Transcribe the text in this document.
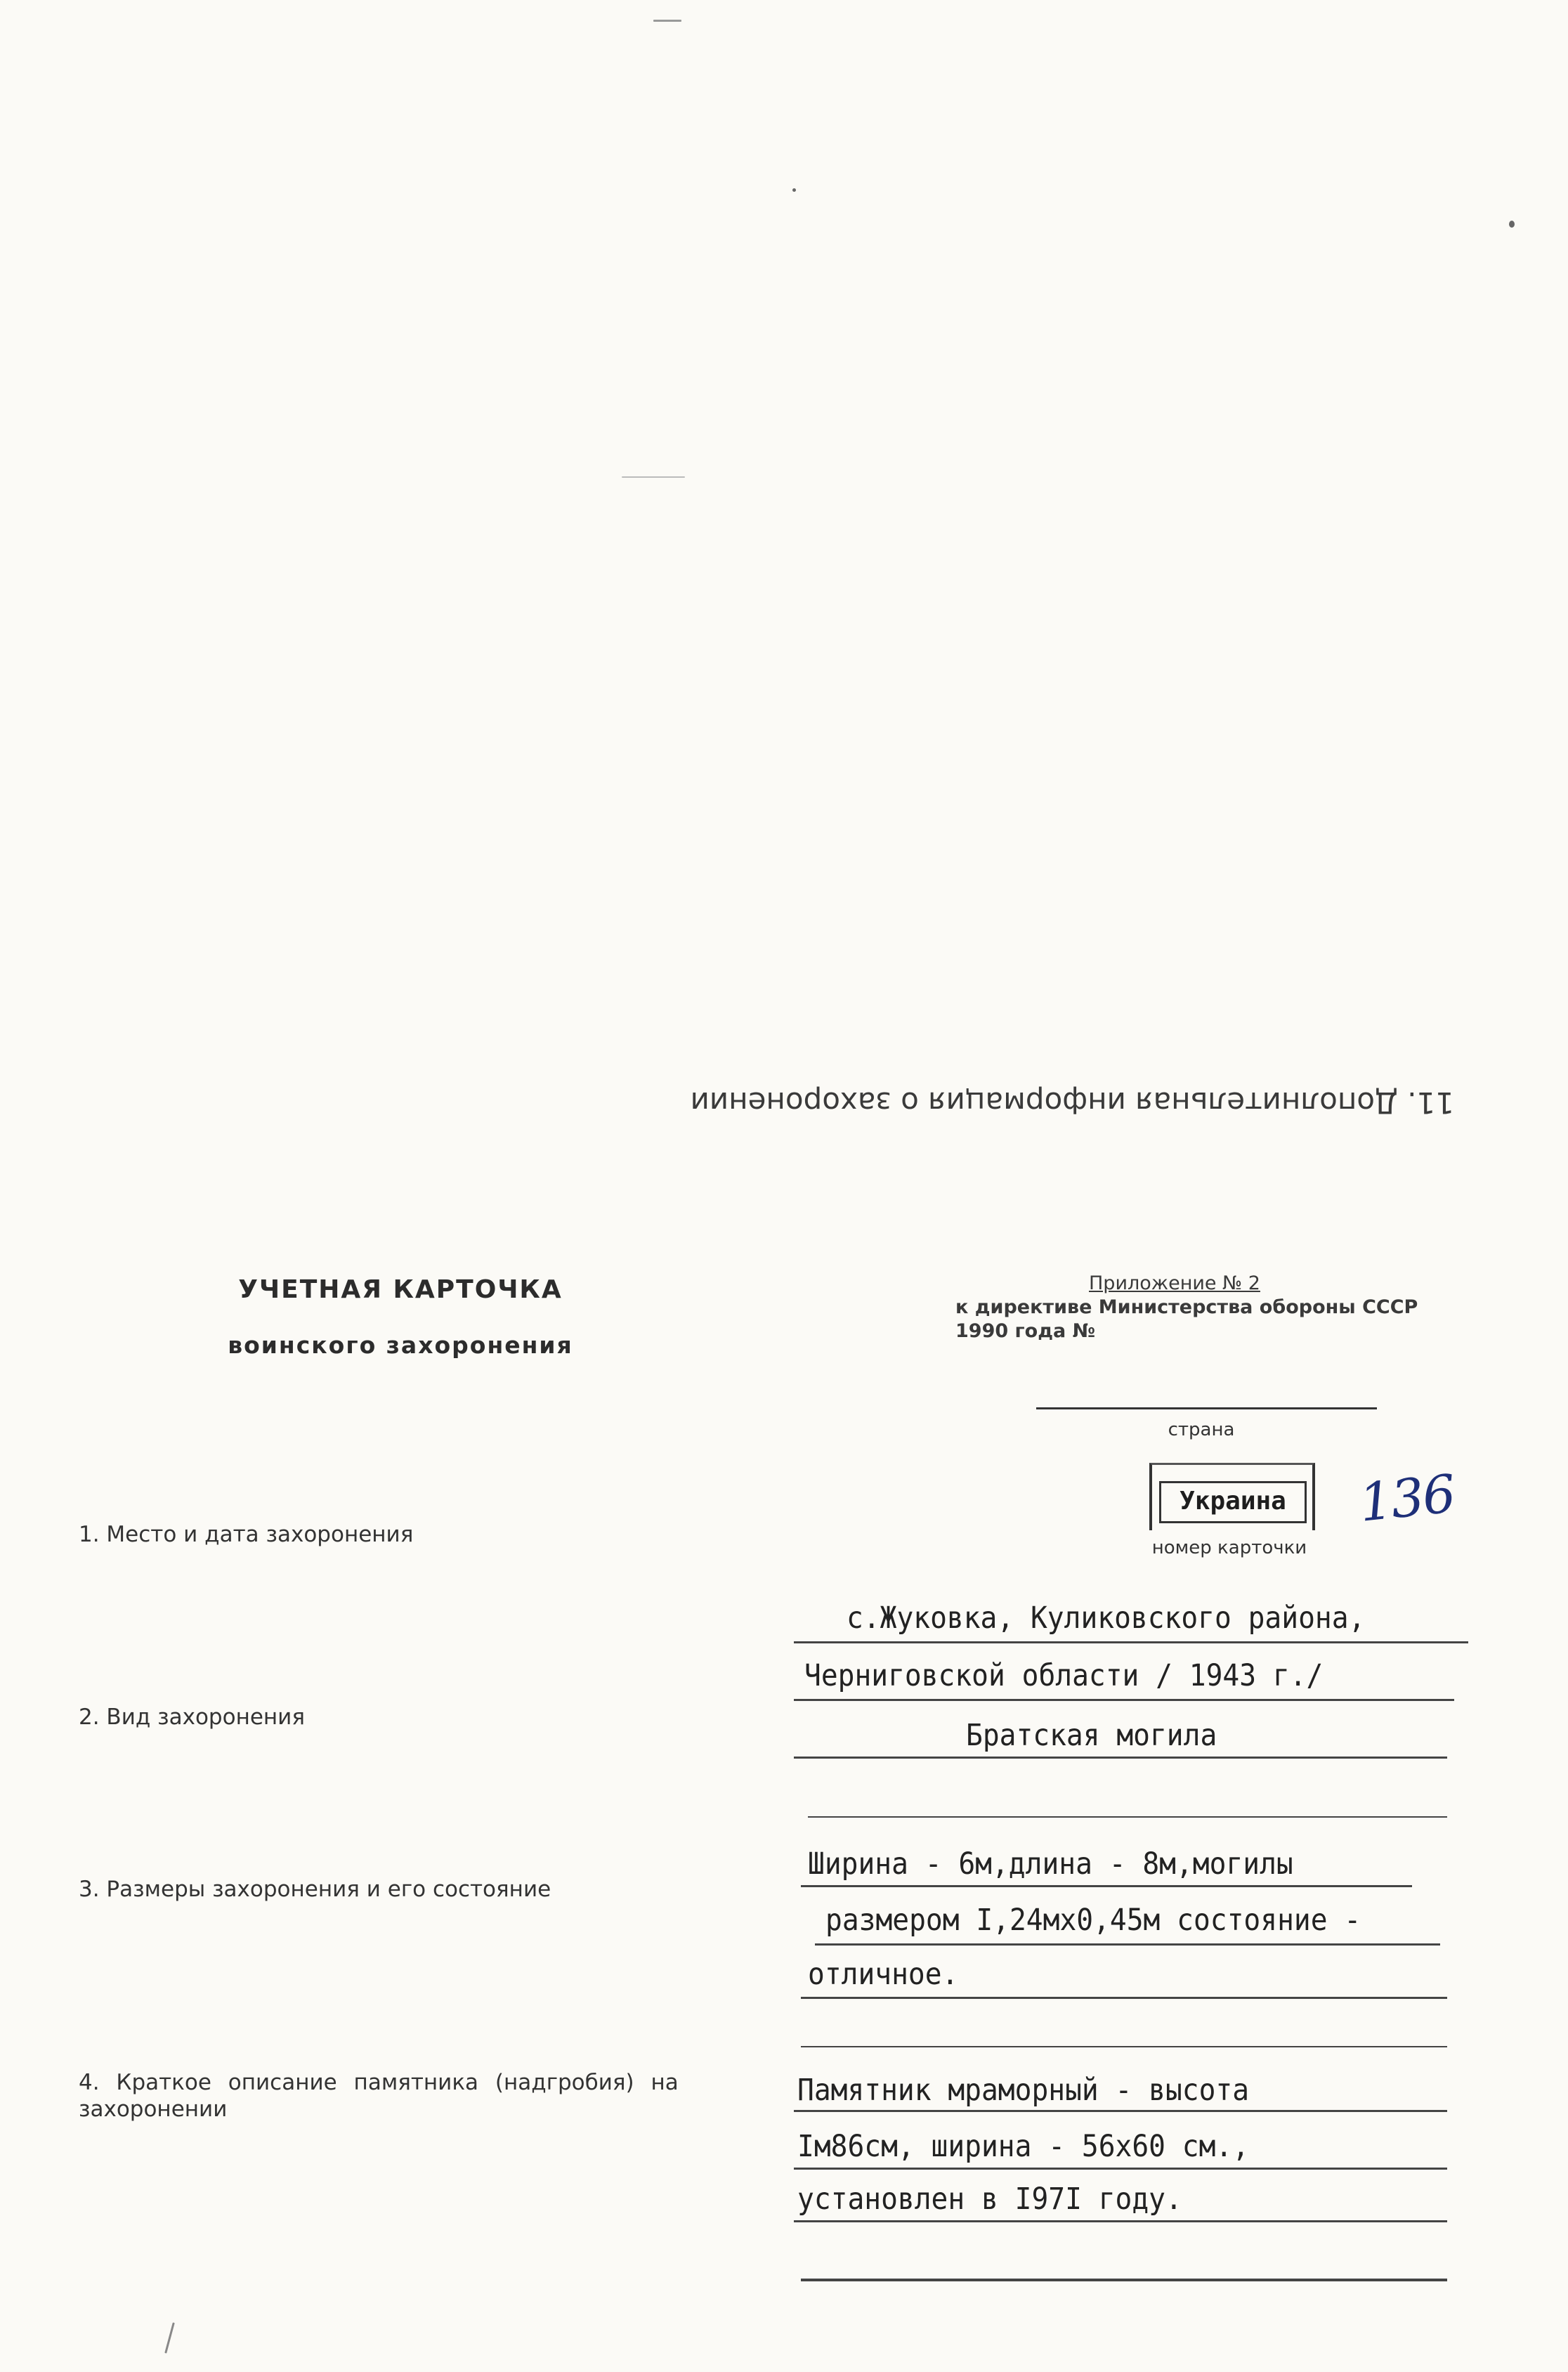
11. Дополнительная информация о захоронении
УЧЕТНАЯ КАРТОЧКА
воинского захоронения
Приложение № 2
к директиве Министерства обороны СССР
1990 года №
страна
Украина
номер карточки
136
1. Место и дата захоронения
2. Вид захоронения
3. Размеры захоронения и его состояние
4. Краткое описание памятника (надгробия) на захоронении
с.Жуковка, Куликовского района,
Черниговской области / 1943 г./
Братская могила
Ширина - 6м,длина - 8м,могилы
размером I,24мх0,45м состояние -
отличное.
Памятник мраморный - высота
Iм86см, ширина - 56х60 см.,
установлен в I97I году.
